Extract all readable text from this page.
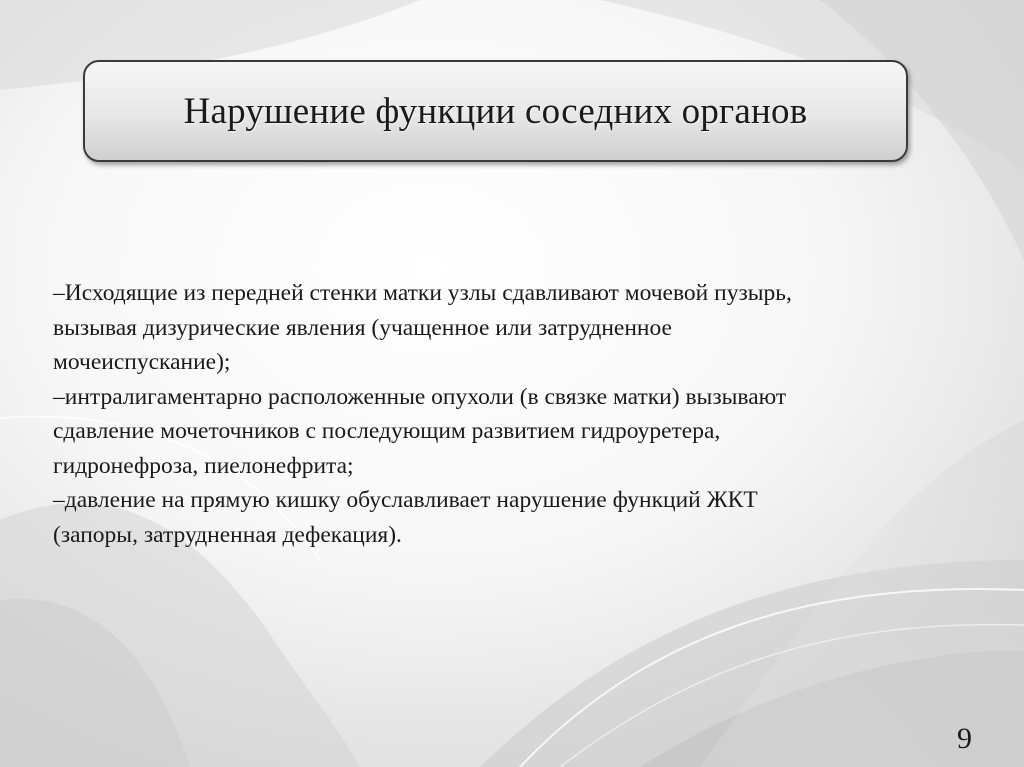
Нарушение функции соседних органов
–Исходящие из передней стенки матки узлы сдавливают мочевой пузырь,
вызывая дизурические явления (учащенное или затрудненное
мочеиспускание);
–интралигаментарно расположенные опухоли (в связке матки) вызывают
сдавление мочеточников с последующим развитием гидроуретера,
гидронефроза, пиелонефрита;
–давление на прямую кишку обуславливает нарушение функций ЖКТ
(запоры, затрудненная дефекация).
9
